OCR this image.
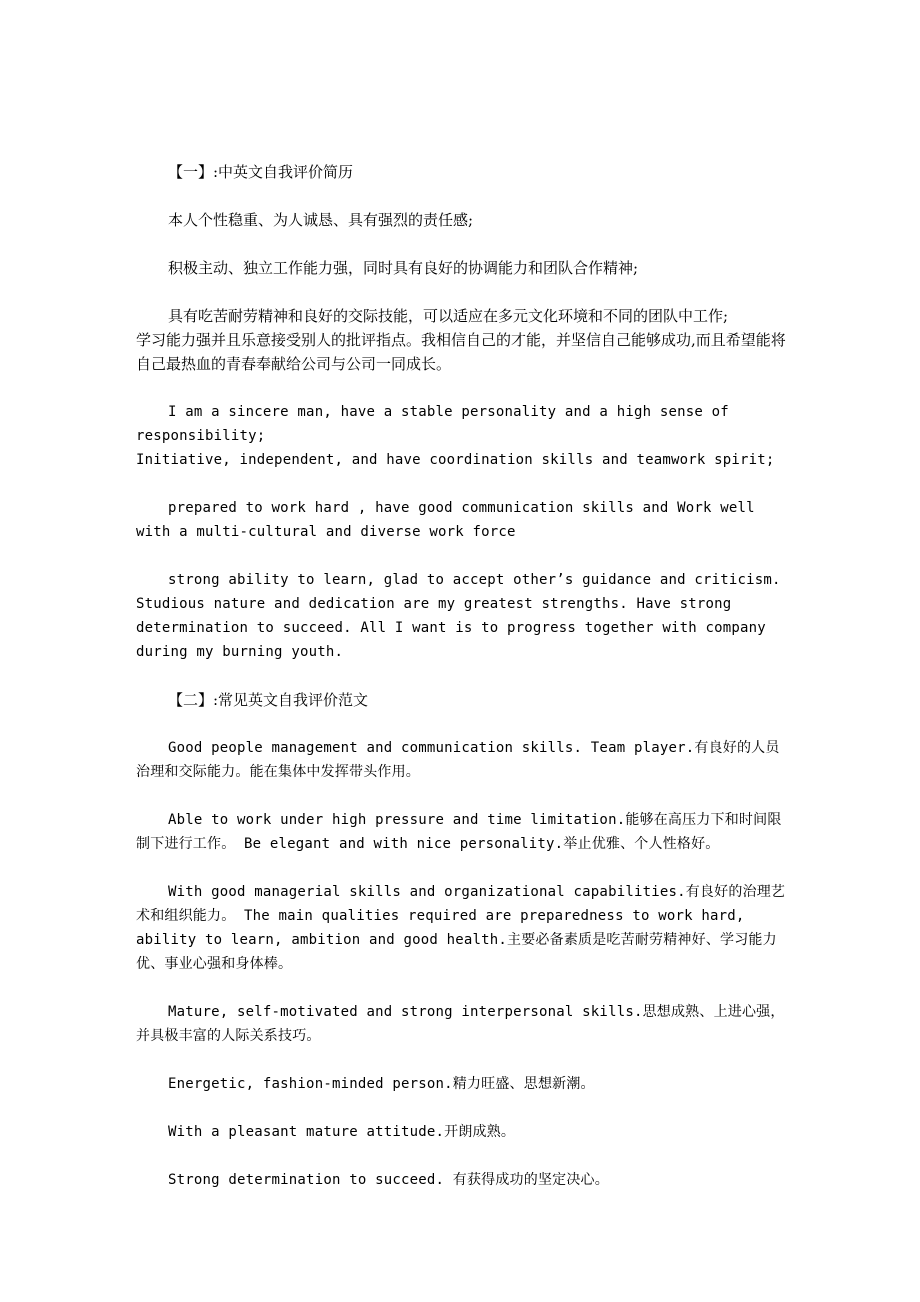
【一】:中英文自我评价简历

本人个性稳重、为人诚恳、具有强烈的责任感;

积极主动、独立工作能力强，同时具有良好的协调能力和团队合作精神;

具有吃苦耐劳精神和良好的交际技能，可以适应在多元文化环境和不同的团队中工作;

学习能力强并且乐意接受别人的批评指点。我相信自己的才能，并坚信自己能够成功,而且希望能将自己最热血的青春奉献给公司与公司一同成长。

I am a sincere man, have a stable personality and a high sense of responsibility;

Initiative, independent, and have coordination skills and teamwork spirit;

prepared to work hard , have good communication skills and Work well with a multi-cultural and diverse work force

strong ability to learn, glad to accept other’s guidance and criticism. Studious nature and dedication are my greatest strengths. Have strong determination to succeed. All I want is to progress together with company during my burning youth.

【二】:常见英文自我评价范文

Good people management and communication skills. Team player.有良好的人员治理和交际能力。能在集体中发挥带头作用。

Able to work under high pressure and time limitation.能够在高压力下和时间限制下进行工作。 Be elegant and with nice personality.举止优雅、个人性格好。

With good managerial skills and organizational capabilities.有良好的治理艺术和组织能力。 The main qualities required are preparedness to work hard, ability to learn, ambition and good health.主要必备素质是吃苦耐劳精神好、学习能力优、事业心强和身体棒。

Mature, self-motivated and strong interpersonal skills.思想成熟、上进心强，并具极丰富的人际关系技巧。

Energetic, fashion-minded person.精力旺盛、思想新潮。

With a pleasant mature attitude.开朗成熟。

Strong determination to succeed. 有获得成功的坚定决心。
